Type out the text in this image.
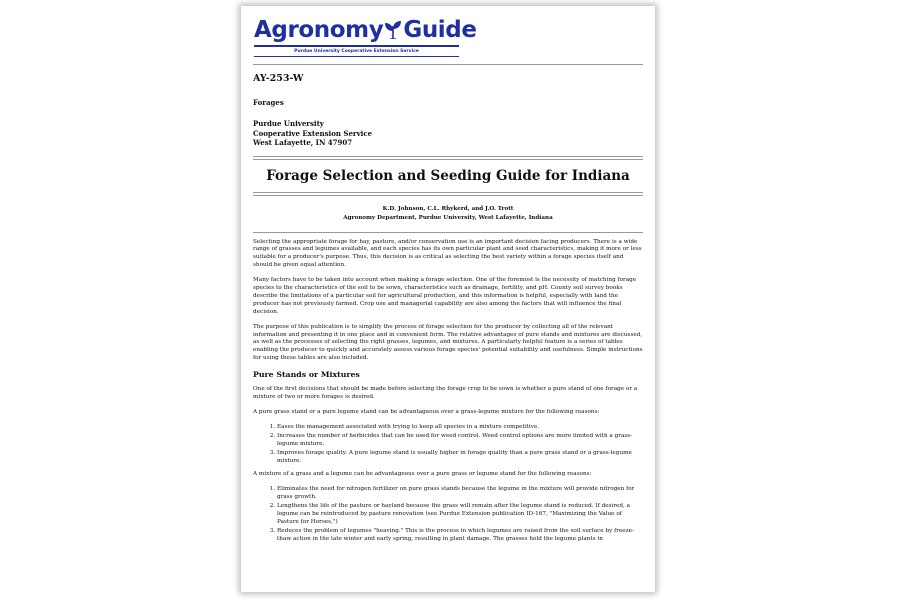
Agronomy Guide
Purdue University Cooperative Extension Service
AY-253-W
Forages
Purdue University
Cooperative Extension Service
West Lafayette, IN 47907
Forage Selection and Seeding Guide for Indiana
K.D. Johnson, C.L. Rhykerd, and J.O. Trott
Agronomy Department, Purdue University, West Lafayette, Indiana

Selecting the appropriate forage for hay, pasture, and/or conservation use is an important decision facing producers. There is a wide range of grasses and legumes available, and each species has its own particular plant and seed characteristics, making it more or less suitable for a producer's purpose. Thus, this decision is as critical as selecting the best variety within a forage species itself and should be given equal attention.

Many factors have to be taken into account when making a forage selection. One of the foremost is the necessity of matching forage species to the characteristics of the soil to be sown, characteristics such as drainage, fertility, and pH. County soil survey books describe the limitations of a particular soil for agricultural production, and this information is helpful, especially with land the producer has not previously farmed. Crop use and managerial capability are also among the factors that will influence the final decision.

The purpose of this publication is to simplify the process of forage selection for the producer by collecting all of the relevant information and presenting it in one place and in convenient form. The relative advantages of pure stands and mixtures are discussed, as well as the processes of selecting the right grasses, legumes, and mixtures. A particularly helpful feature is a series of tables enabling the producer to quickly and accurately assess various forage species' potential suitability and usefulness. Simple instructions for using these tables are also included.

Pure Stands or Mixtures

One of the first decisions that should be made before selecting the forage crop to be sown is whether a pure stand of one forage or a mixture of two or more forages is desired.

A pure grass stand or a pure legume stand can be advantageous over a grass-legume mixture for the following reasons:

1. Eases the management associated with trying to keep all species in a mixture competitive.
2. Increases the number of herbicides that can be used for weed control. Weed control options are more limited with a grass-legume mixture.
3. Improves forage quality. A pure legume stand is usually higher in forage quality than a pure grass stand or a grass-legume mixture.

A mixture of a grass and a legume can be advantageous over a pure grass or legume stand for the following reasons:

1. Eliminates the need for nitrogen fertilizer on pure grass stands because the legume in the mixture will provide nitrogen for grass growth.
2. Lengthens the life of the pasture or hayland because the grass will remain after the legume stand is reduced. If desired, a legume can be reintroduced by pasture renovation (see Purdue Extension publication ID-167, "Maximizing the Value of Pasture for Horses,")
3. Reduces the problem of legumes "heaving." This is the process in which legumes are raised from the soil surface by freeze-thaw action in the late winter and early spring, resulting in plant damage. The grasses hold the legume plants in
